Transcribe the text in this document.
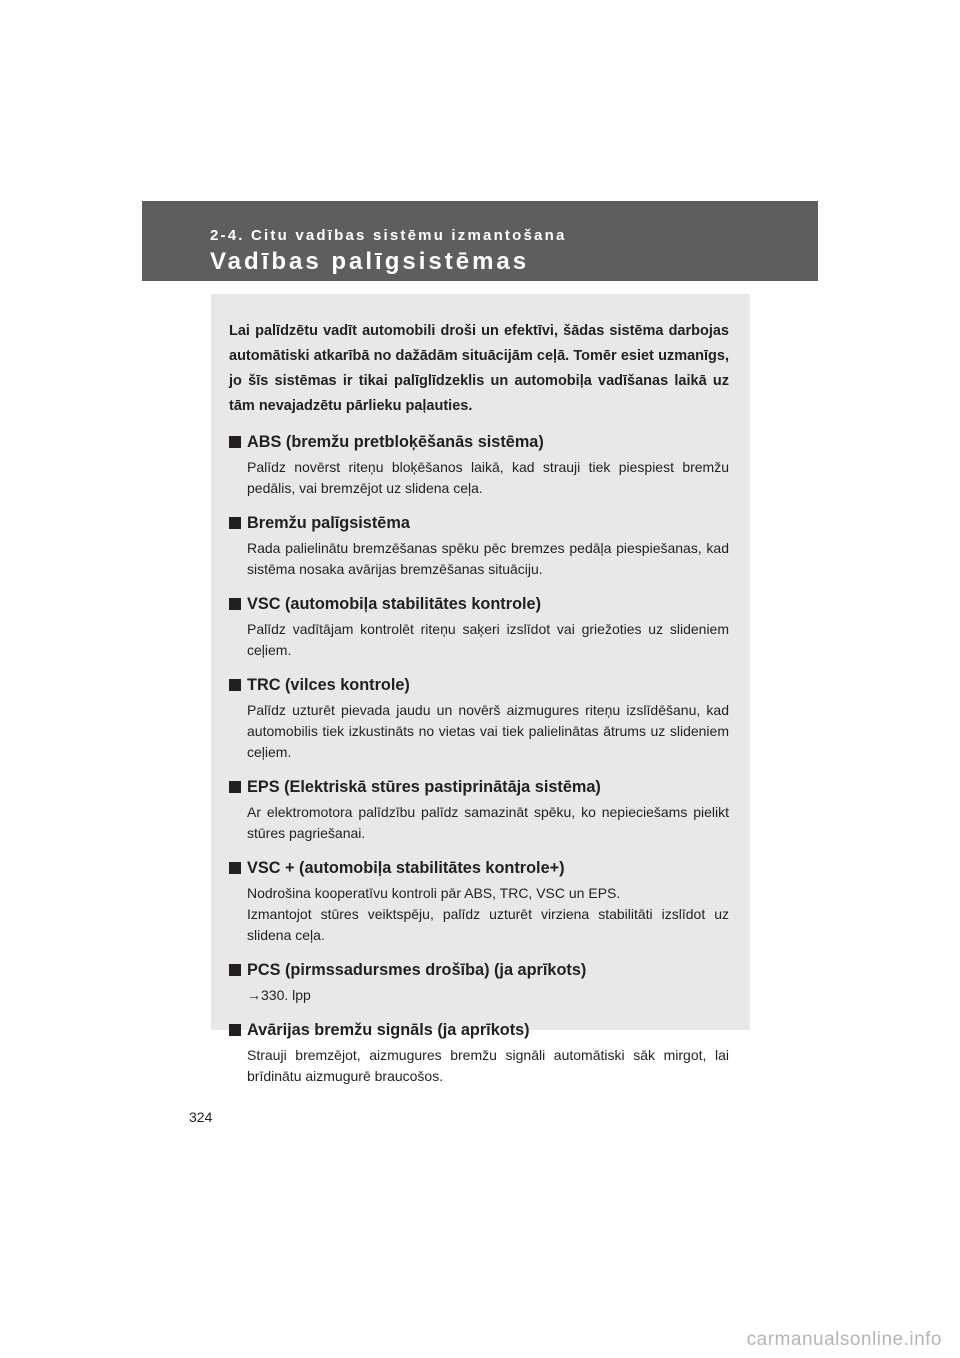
2-4. Citu vadības sistēmu izmantošana
Vadības palīgsistēmas

Lai palīdzētu vadīt automobili droši un efektīvi, šādas sistēma darbojas automātiski atkarībā no dažādām situācijām ceļā. Tomēr esiet uzmanīgs, jo šīs sistēmas ir tikai palīglīdzeklis un automobiļa vadīšanas laikā uz tām nevajadzētu pārlieku paļauties.

ABS (bremžu pretbloķēšanās sistēma)

Palīdz novērst riteņu bloķēšanos laikā, kad strauji tiek piespiest bremžu pedālis, vai bremzējot uz slidena ceļa.

Bremžu palīgsistēma

Rada palielinātu bremzēšanas spēku pēc bremzes pedāļa piespiešanas, kad sistēma nosaka avārijas bremzēšanas situāciju.

VSC (automobiļa stabilitātes kontrole)

Palīdz vadītājam kontrolēt riteņu saķeri izslīdot vai griežoties uz slideniem ceļiem.

TRC (vilces kontrole)

Palīdz uzturēt pievada jaudu un novērš aizmugures riteņu izslīdēšanu, kad automobilis tiek izkustināts no vietas vai tiek palielinātas ātrums uz slideniem ceļiem.

EPS (Elektriskā stūres pastiprinātāja sistēma)

Ar elektromotora palīdzību palīdz samazināt spēku, ko nepieciešams pielikt stūres pagriešanai.

VSC + (automobiļa stabilitātes kontrole+)

Nodrošina kooperatīvu kontroli pār ABS, TRC, VSC un EPS.

Izmantojot stūres veiktspēju, palīdz uzturēt virziena stabilitāti izslīdot uz slidena ceļa.

PCS (pirmssadursmes drošība) (ja aprīkots)

→330. lpp

Avārijas bremžu signāls (ja aprīkots)

Strauji bremzējot, aizmugures bremžu signāli automātiski sāk mirgot, lai brīdinātu aizmugurē braucošos.

324
carmanualsonline.info
